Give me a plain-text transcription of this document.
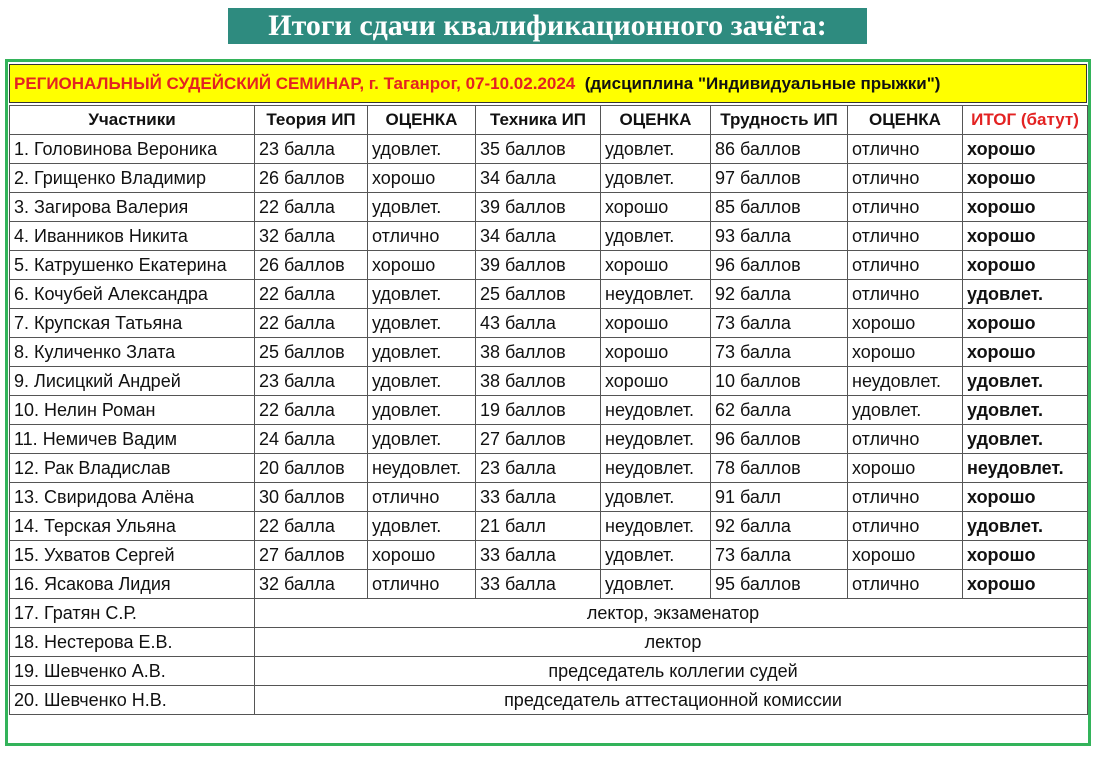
Итоги сдачи квалификационного зачёта:
РЕГИОНАЛЬНЫЙ СУДЕЙСКИЙ СЕМИНАР, г. Таганрог, 07-10.02.2024 (дисциплина "Индивидуальные прыжки")
Участники	Теория ИП	ОЦЕНКА	Техника ИП	ОЦЕНКА	Трудность ИП	ОЦЕНКА	ИТОГ (батут)
1. Головинова Вероника	23 балла	удовлет.	35 баллов	удовлет.	86 баллов	отлично	хорошо
2. Грищенко Владимир	26 баллов	хорошо	34 балла	удовлет.	97 баллов	отлично	хорошо
3. Загирова Валерия	22 балла	удовлет.	39 баллов	хорошо	85 баллов	отлично	хорошо
4. Иванников Никита	32 балла	отлично	34 балла	удовлет.	93 балла	отлично	хорошо
5. Катрушенко Екатерина	26 баллов	хорошо	39 баллов	хорошо	96 баллов	отлично	хорошо
6. Кочубей Александра	22 балла	удовлет.	25 баллов	неудовлет.	92 балла	отлично	удовлет.
7. Крупская Татьяна	22 балла	удовлет.	43 балла	хорошо	73 балла	хорошо	хорошо
8. Куличенко Злата	25 баллов	удовлет.	38 баллов	хорошо	73 балла	хорошо	хорошо
9. Лисицкий Андрей	23 балла	удовлет.	38 баллов	хорошо	10 баллов	неудовлет.	удовлет.
10. Нелин Роман	22 балла	удовлет.	19 баллов	неудовлет.	62 балла	удовлет.	удовлет.
11. Немичев Вадим	24 балла	удовлет.	27 баллов	неудовлет.	96 баллов	отлично	удовлет.
12. Рак Владислав	20 баллов	неудовлет.	23 балла	неудовлет.	78 баллов	хорошо	неудовлет.
13. Свиридова Алёна	30 баллов	отлично	33 балла	удовлет.	91 балл	отлично	хорошо
14. Терская Ульяна	22 балла	удовлет.	21 балл	неудовлет.	92 балла	отлично	удовлет.
15. Ухватов Сергей	27 баллов	хорошо	33 балла	удовлет.	73 балла	хорошо	хорошо
16. Ясакова Лидия	32 балла	отлично	33 балла	удовлет.	95 баллов	отлично	хорошо
17. Гратян С.Р.	лектор, экзаменатор						
18. Нестерова Е.В.	лектор						
19. Шевченко А.В.	председатель коллегии судей						
20. Шевченко Н.В.	председатель аттестационной комиссии						
